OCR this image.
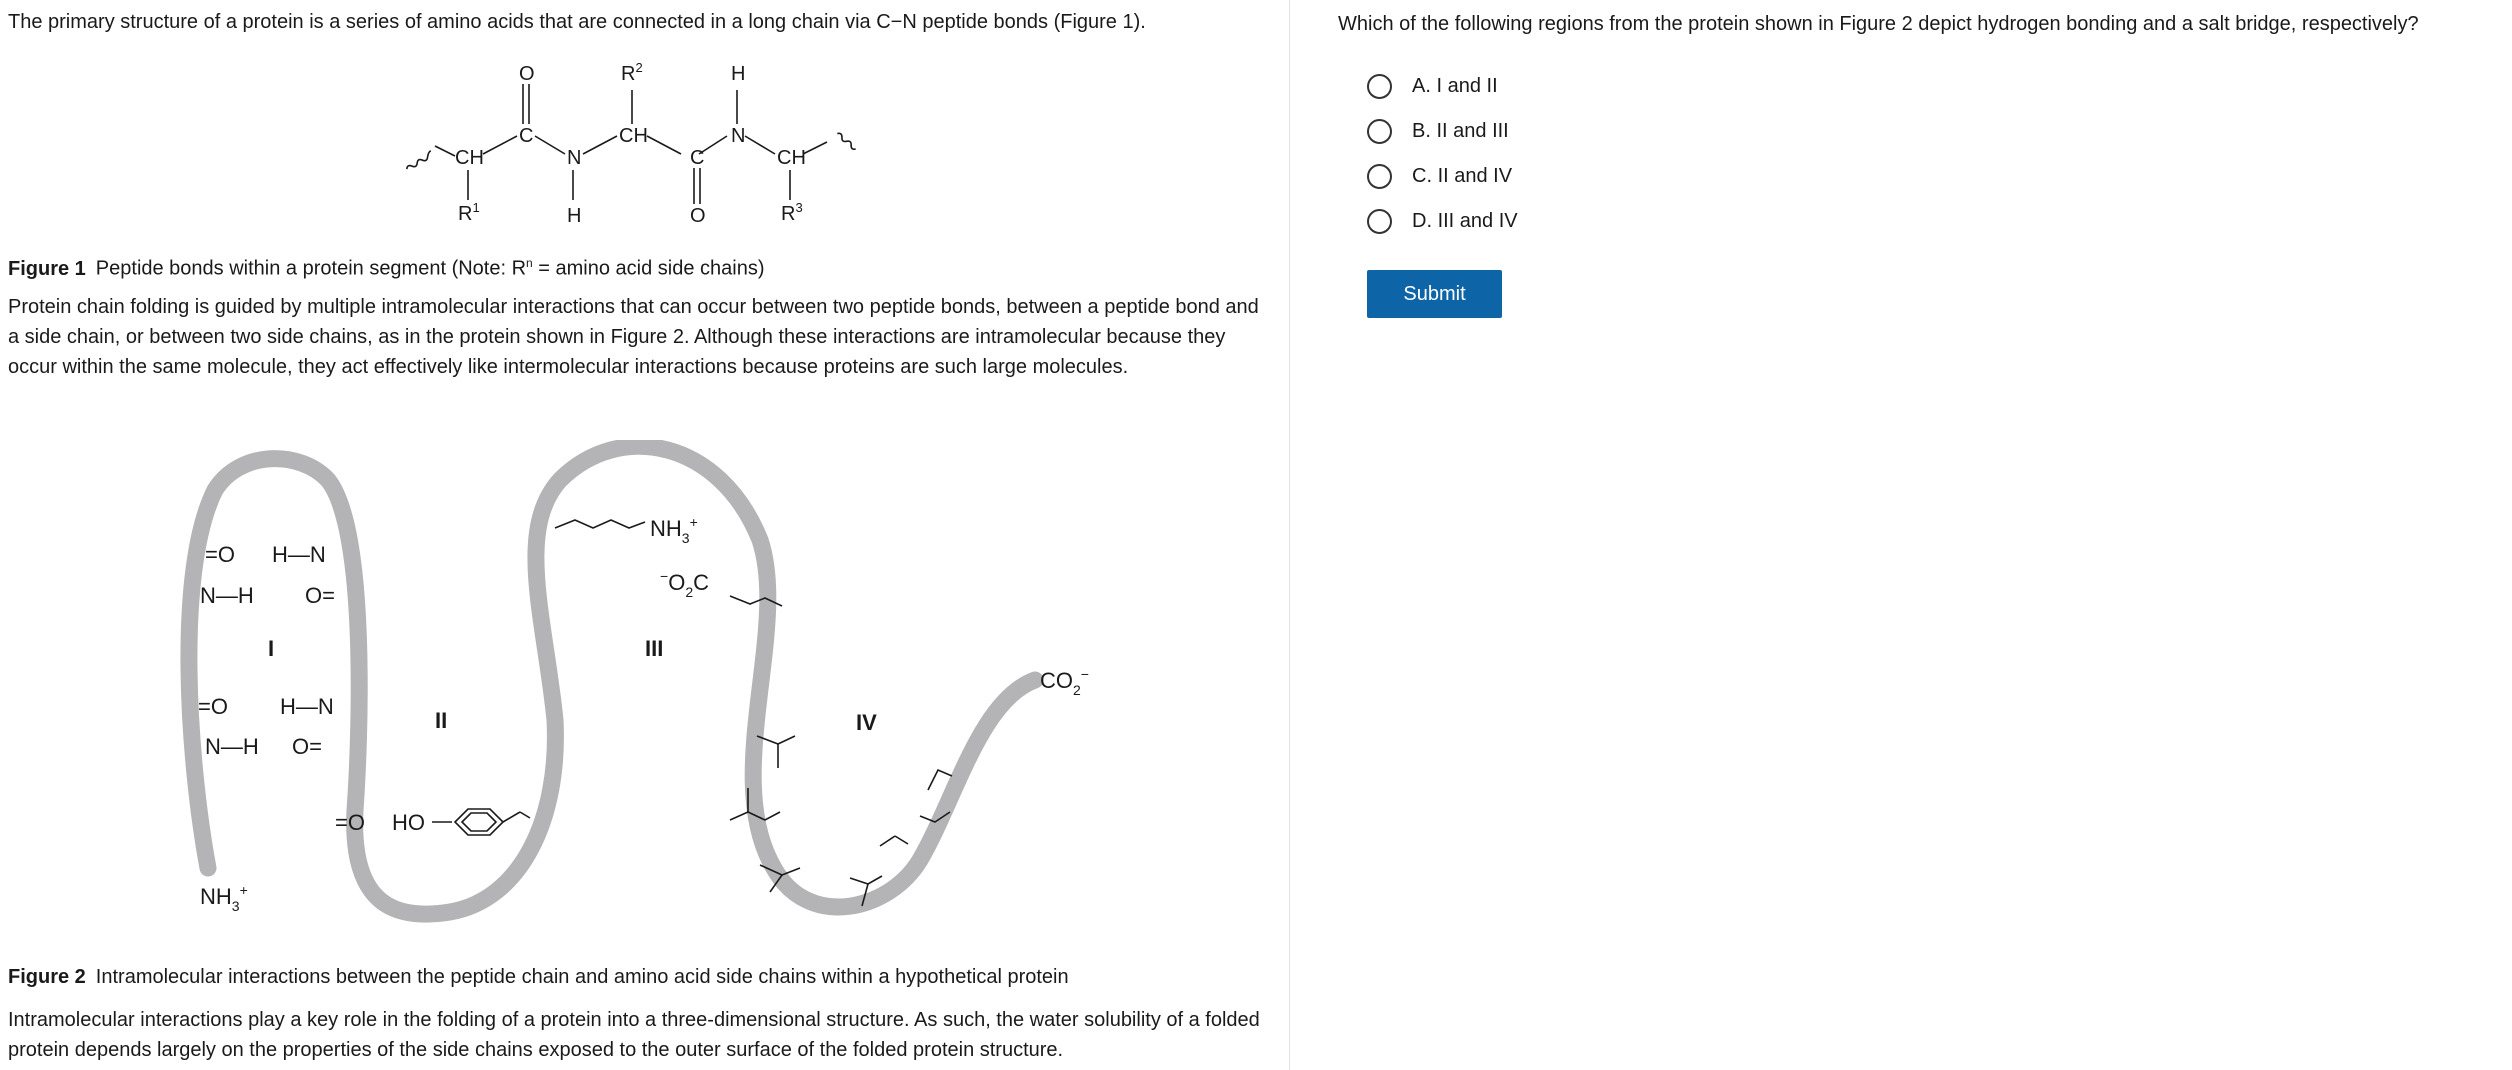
The primary structure of a protein is a series of amino acids that are connected in a long chain via C−N peptide bonds (Figure 1).

O	$R^2$	H
C	CH	N
CH	N	C	CH
$R^1$	H	O	$R^3$

Figure 1 Peptide bonds within a protein segment (Note: $R^n = amino$ acid side chains)

Protein chain folding is guided by multiple intramolecular interactions that can occur between two peptide bonds, between a peptide bond and a side chain, or between two side chains, as in the protein shown in Figure 2. Although these interactions are intramolecular because they occur within the same molecule, they act effectively like intermolecular interactions because proteins are such large molecules.

=O H—N
N—H O=
I
=O H—N
N—H O=
II
=O HO
$NH_3^+$
$^-O_2C$
III
IV
$CO_2^-$
$NH_3^+$

Figure 2 Intramolecular interactions between the peptide chain and amino acid side chains within a hypothetical protein

Intramolecular interactions play a key role in the folding of a protein into a three-dimensional structure. As such, the water solubility of a folded protein depends largely on the properties of the side chains exposed to the outer surface of the folded protein structure.

Which of the following regions from the protein shown in Figure 2 depict hydrogen bonding and a salt bridge, respectively?

A. I and II
B. II and III
C. II and IV
D. III and IV
Submit
